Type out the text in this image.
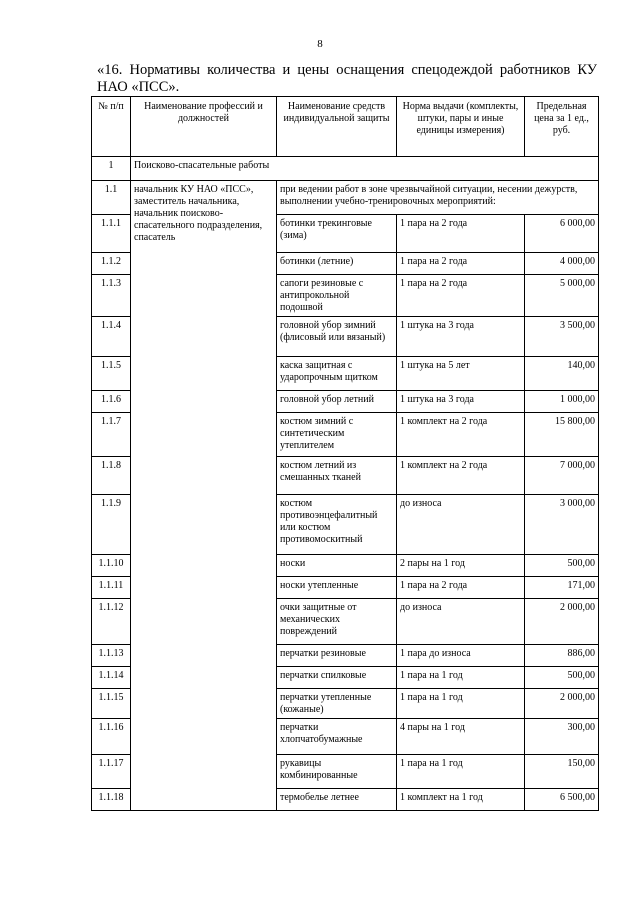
8
«16. Нормативы количества и цены оснащения спецодеждой работников КУ НАО «ПСС».
№ п/п	Наименование профессий и должностей	Наименование средств индивидуальной защиты	Норма выдачи (комплекты, штуки, пары и иные единицы измерения)	Предельная цена за 1 ед., руб.
1	Поисково-спасательные работы			
1.1	начальник КУ НАО «ПСС», заместитель начальника, начальник поисково-спасательного подразделения, спасатель	при ведении работ в зоне чрезвычайной ситуации, несении дежурств, выполнении учебно-тренировочных мероприятий:		
1.1.1		ботинки трекинговые (зима)	1 пара на 2 года	6 000,00
1.1.2		ботинки (летние)	1 пара на 2 года	4 000,00
1.1.3		сапоги резиновые с антипрокольной подошвой	1 пара на 2 года	5 000,00
1.1.4		головной убор зимний (флисовый или вязаный)	1 штука на 3 года	3 500,00
1.1.5		каска защитная с ударопрочным щитком	1 штука на 5 лет	140,00
1.1.6		головной убор летний	1 штука на 3 года	1 000,00
1.1.7		костюм зимний с синтетическим утеплителем	1 комплект на 2 года	15 800,00
1.1.8		костюм летний из смешанных тканей	1 комплект на 2 года	7 000,00
1.1.9		костюм противоэнцефалитный или костюм противомоскитный	до износа	3 000,00
1.1.10		носки	2 пары на 1 год	500,00
1.1.11		носки утепленные	1 пара на 2 года	171,00
1.1.12		очки защитные от механических повреждений	до износа	2 000,00
1.1.13		перчатки резиновые	1 пара до износа	886,00
1.1.14		перчатки спилковые	1 пара на 1 год	500,00
1.1.15		перчатки утепленные (кожаные)	1 пара на 1 год	2 000,00
1.1.16		перчатки хлопчатобумажные	4 пары на 1 год	300,00
1.1.17		рукавицы комбинированные	1 пара на 1 год	150,00
1.1.18		термобелье летнее	1 комплект на 1 год	6 500,00
